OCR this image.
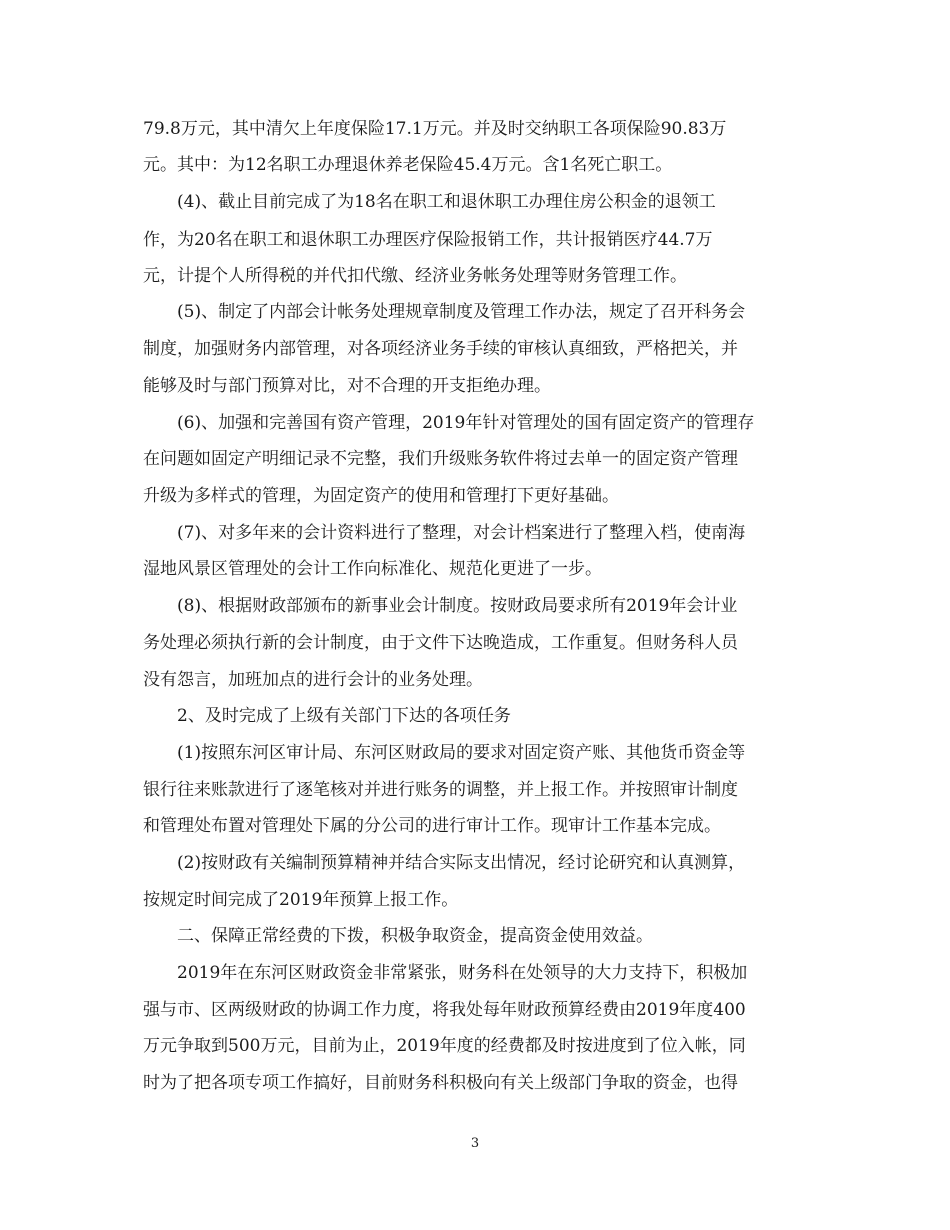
79.8万元，其中清欠上年度保险17.1万元。并及时交纳职工各项保险90.83万
元。其中：为12名职工办理退休养老保险45.4万元。含1名死亡职工。
(4)、截止目前完成了为18名在职工和退休职工办理住房公积金的退领工
作，为20名在职工和退休职工办理医疗保险报销工作，共计报销医疗44.7万
元，计提个人所得税的并代扣代缴、经济业务帐务处理等财务管理工作。
(5)、制定了内部会计帐务处理规章制度及管理工作办法，规定了召开科务会
制度，加强财务内部管理，对各项经济业务手续的审核认真细致，严格把关，并
能够及时与部门预算对比，对不合理的开支拒绝办理。
(6)、加强和完善国有资产管理，2019年针对管理处的国有固定资产的管理存
在问题如固定产明细记录不完整，我们升级账务软件将过去单一的固定资产管理
升级为多样式的管理，为固定资产的使用和管理打下更好基础。
(7)、对多年来的会计资料进行了整理，对会计档案进行了整理入档，使南海
湿地风景区管理处的会计工作向标准化、规范化更进了一步。
(8)、根据财政部颁布的新事业会计制度。按财政局要求所有2019年会计业
务处理必须执行新的会计制度，由于文件下达晚造成，工作重复。但财务科人员
没有怨言，加班加点的进行会计的业务处理。
2、及时完成了上级有关部门下达的各项任务
(1)按照东河区审计局、东河区财政局的要求对固定资产账、其他货币资金等
银行往来账款进行了逐笔核对并进行账务的调整，并上报工作。并按照审计制度
和管理处布置对管理处下属的分公司的进行审计工作。现审计工作基本完成。
(2)按财政有关编制预算精神并结合实际支出情况，经讨论研究和认真测算，
按规定时间完成了2019年预算上报工作。
二、保障正常经费的下拨，积极争取资金，提高资金使用效益。
2019年在东河区财政资金非常紧张，财务科在处领导的大力支持下，积极加
强与市、区两级财政的协调工作力度，将我处每年财政预算经费由2019年度400
万元争取到500万元，目前为止，2019年度的经费都及时按进度到了位入帐，同
时为了把各项专项工作搞好，目前财务科积极向有关上级部门争取的资金，也得
3
